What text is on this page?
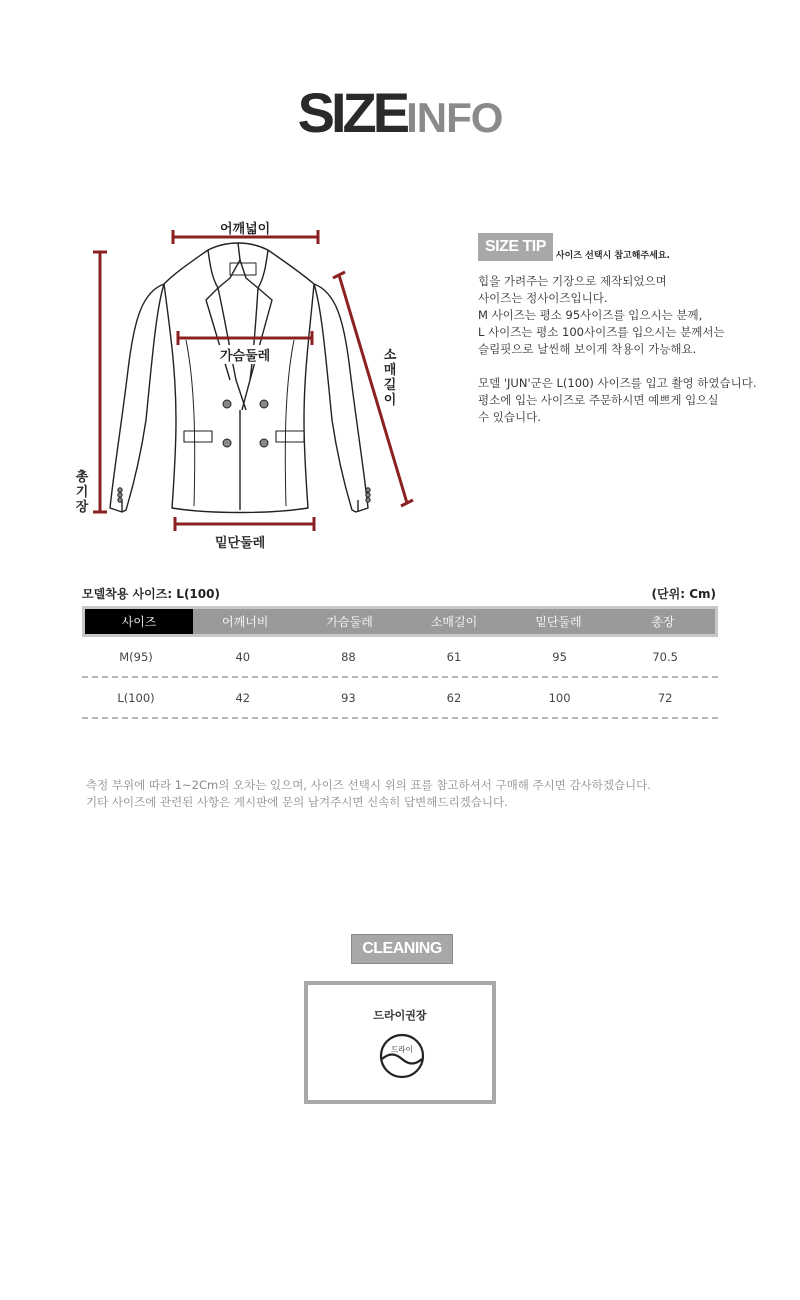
SIZEINFO
어깨넓이
가슴둘레
밑단둘레
소
매
길
이
총
기
장
SIZE TIP사이즈 선택시 참고해주세요.

힙을 가려주는 기장으로 제작되었으며

사이즈는 정사이즈입니다.

M 사이즈는 평소 95사이즈를 입으시는 분께,

L 사이즈는 평소 100사이즈를 입으시는 분께서는

슬림핏으로 날씬해 보이게 착용이 가능해요.

모델 'JUN'군은 L(100) 사이즈를 입고 촬영 하였습니다.

평소에 입는 사이즈로 주문하시면 예쁘게 입으실

수 있습니다.

모델착용 사이즈: L(100)	(단위: Cm)
사이즈	어깨너비	가슴둘레	소매길이	밑단둘레	총장
M(95)	40	88	61	95	70.5
L(100)	42	93	62	100	72

측정 부위에 따라 1~2Cm의 오차는 있으며, 사이즈 선택시 위의 표를 참고하셔서 구매해 주시면 감사하겠습니다.

기타 사이즈에 관련된 사항은 게시판에 문의 남겨주시면 신속히 답변해드리겠습니다.

CLEANING
드라이권장
드라이
